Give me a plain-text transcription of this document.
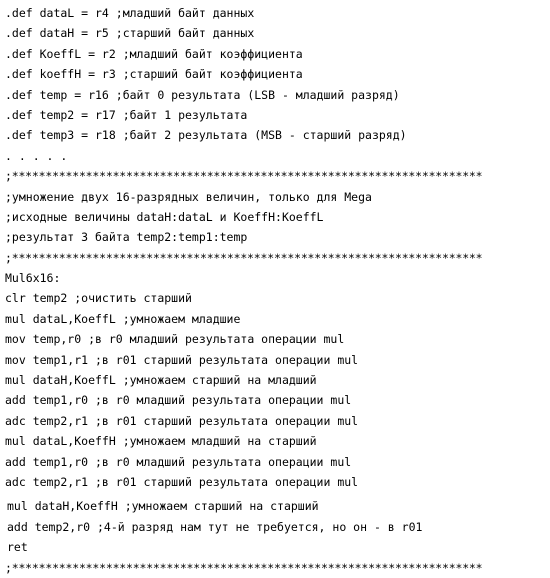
.def dataL = r4 ;младший байт данных
.def dataH = r5 ;старший байт данных
.def KoeffL = r2 ;младший байт коэффициента
.def koeffH = r3 ;старший байт коэффициента
.def temp = r16 ;байт 0 результата (LSB - младший разряд)
.def temp2 = r17 ;байт 1 результата
.def temp3 = r18 ;байт 2 результата (MSB - старший разряд)
. . . . .
;**********************************************************************
;умножение двух 16-разрядных величин, только для Mega
;исходные величины dataH:dataL и KoeffH:KoeffL
;результат 3 байта temp2:temp1:temp
;**********************************************************************
Mul6x16:
clr temp2 ;очистить старший
mul dataL,KoeffL ;умножаем младшие
mov temp,r0 ;в r0 младший результата операции mul
mov temp1,r1 ;в r01 старший результата операции mul
mul dataH,KoeffL ;умножаем старший на младший
add temp1,r0 ;в r0 младший результата операции mul
adc temp2,r1 ;в r01 старший результата операции mul
mul dataL,KoeffH ;умножаем младший на старший
add temp1,r0 ;в r0 младший результата операции mul
adc temp2,r1 ;в r01 старший результата операции mul
mul dataH,KoeffH ;умножаем старший на старший
add temp2,r0 ;4-й разряд нам тут не требуется, но он - в r01
ret
;**********************************************************************
